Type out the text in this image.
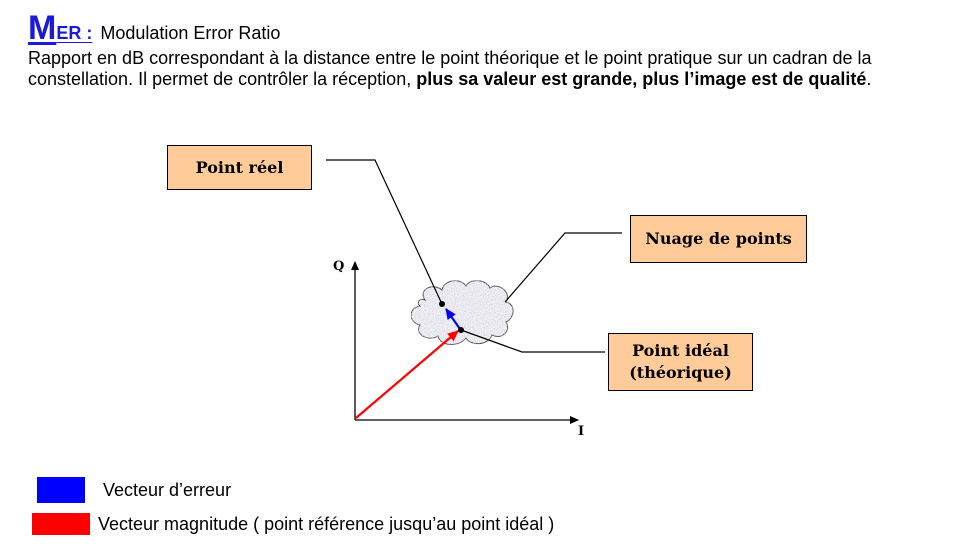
M ER : Modulation Error Ratio
Rapport en dB correspondant à la distance entre le point théorique et le point pratique sur un cadran de la constellation. Il permet de contrôler la réception, plus sa valeur est grande, plus l’image est de qualité.
Q
I
Point réel
Nuage de points
Point idéal
(théorique)
Vecteur d’erreur
Vecteur magnitude ( point référence jusqu’au point idéal )
